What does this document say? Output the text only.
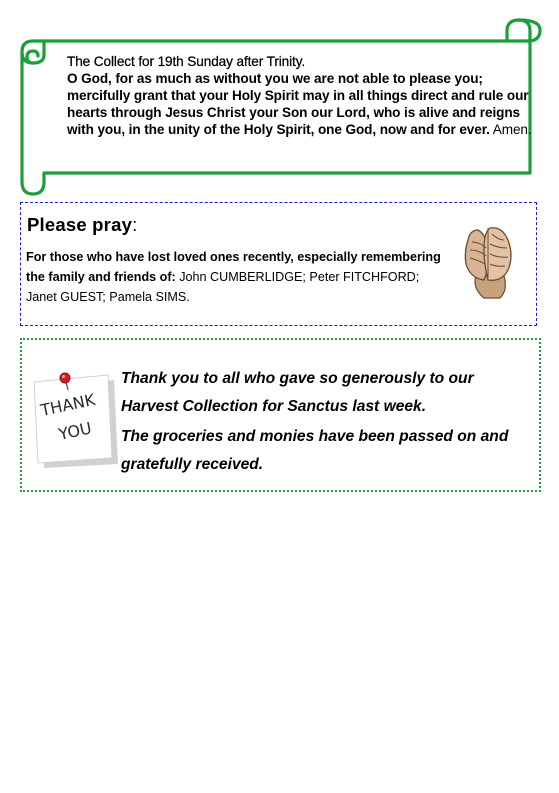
The Collect for 19th Sunday after Trinity.
O God, for as much as without you we are not able to please you; mercifully grant that your Holy Spirit may in all things direct and rule our hearts through Jesus Christ your Son our Lord, who is alive and reigns with you, in the unity of the Holy Spirit, one God, now and for ever. Amen.
Please pray:
For those who have lost loved ones recently, especially remembering the family and friends of: John CUMBERLIDGE; Peter FITCHFORD; Janet GUEST; Pamela SIMS.
THANK
YOU

Thank you to all who gave so generously to our Harvest Collection for Sanctus last week.

The groceries and monies have been passed on and gratefully received.
